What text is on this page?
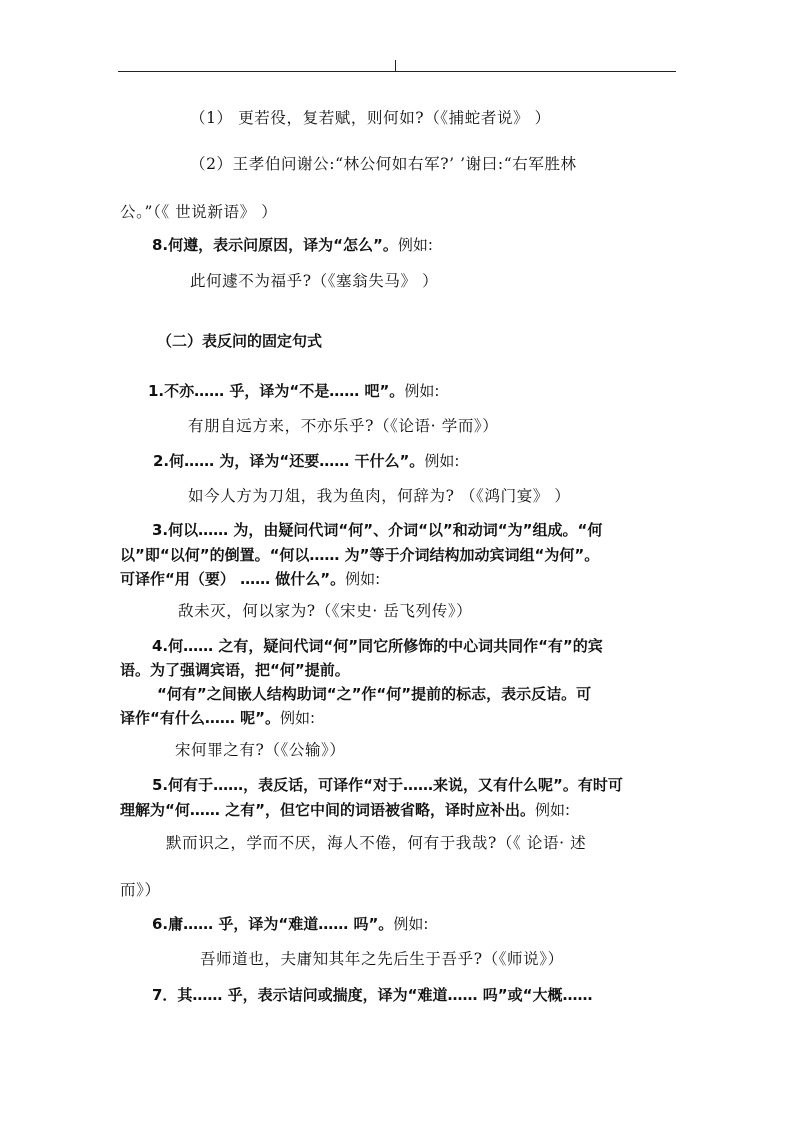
（1） 更若役，复若赋，则何如?（《捕蛇者说》 ）
（2）王孝伯问谢公:“林公何如右军?’ ’谢曰:“右军胜林
公。”（《 世说新语》 ）
8.何遵，表示问原因，译为“怎么”。例如:
此何遽不为福乎?（《塞翁失马》 ）
（二）表反问的固定句式
1.不亦…… 乎，译为“不是…… 吧”。例如:
有朋自远方来，不亦乐乎?（《论语· 学而》）
2.何…… 为，译为“还要…… 干什么”。例如:
如今人方为刀俎，我为鱼肉，何辞为? （《鸿门宴》 ）
3.何以…… 为，由疑问代词“何”、介词“以”和动词“为”组成。“何
以”即“以何”的倒置。“何以…… 为”等于介词结构加动宾词组“为何”。
可译作“用（要） …… 做什么”。例如:
敌未灭，何以家为?（《宋史· 岳飞列传》）
4.何…… 之有，疑问代词“何”同它所修饰的中心词共同作“有”的宾
语。为了强调宾语，把“何”提前。
“何有”之间嵌人结构助词“之”作“何”提前的标志，表示反诘。可
译作“有什么…… 呢”。例如:
宋何罪之有?（《公输》）
5.何有于……，表反话，可译作“对于……来说，又有什么呢”。有时可
理解为“何…… 之有”，但它中间的词语被省略，译时应补出。例如:
默而识之，学而不厌，海人不倦，何有于我哉?（《 论语· 述
而》）
6.庸…… 乎，译为“难道…… 吗”。例如:
吾师道也，夫庸知其年之先后生于吾乎?（《师说》）
7．其…… 乎，表示诘问或揣度，译为“难道…… 吗”或“大概……
